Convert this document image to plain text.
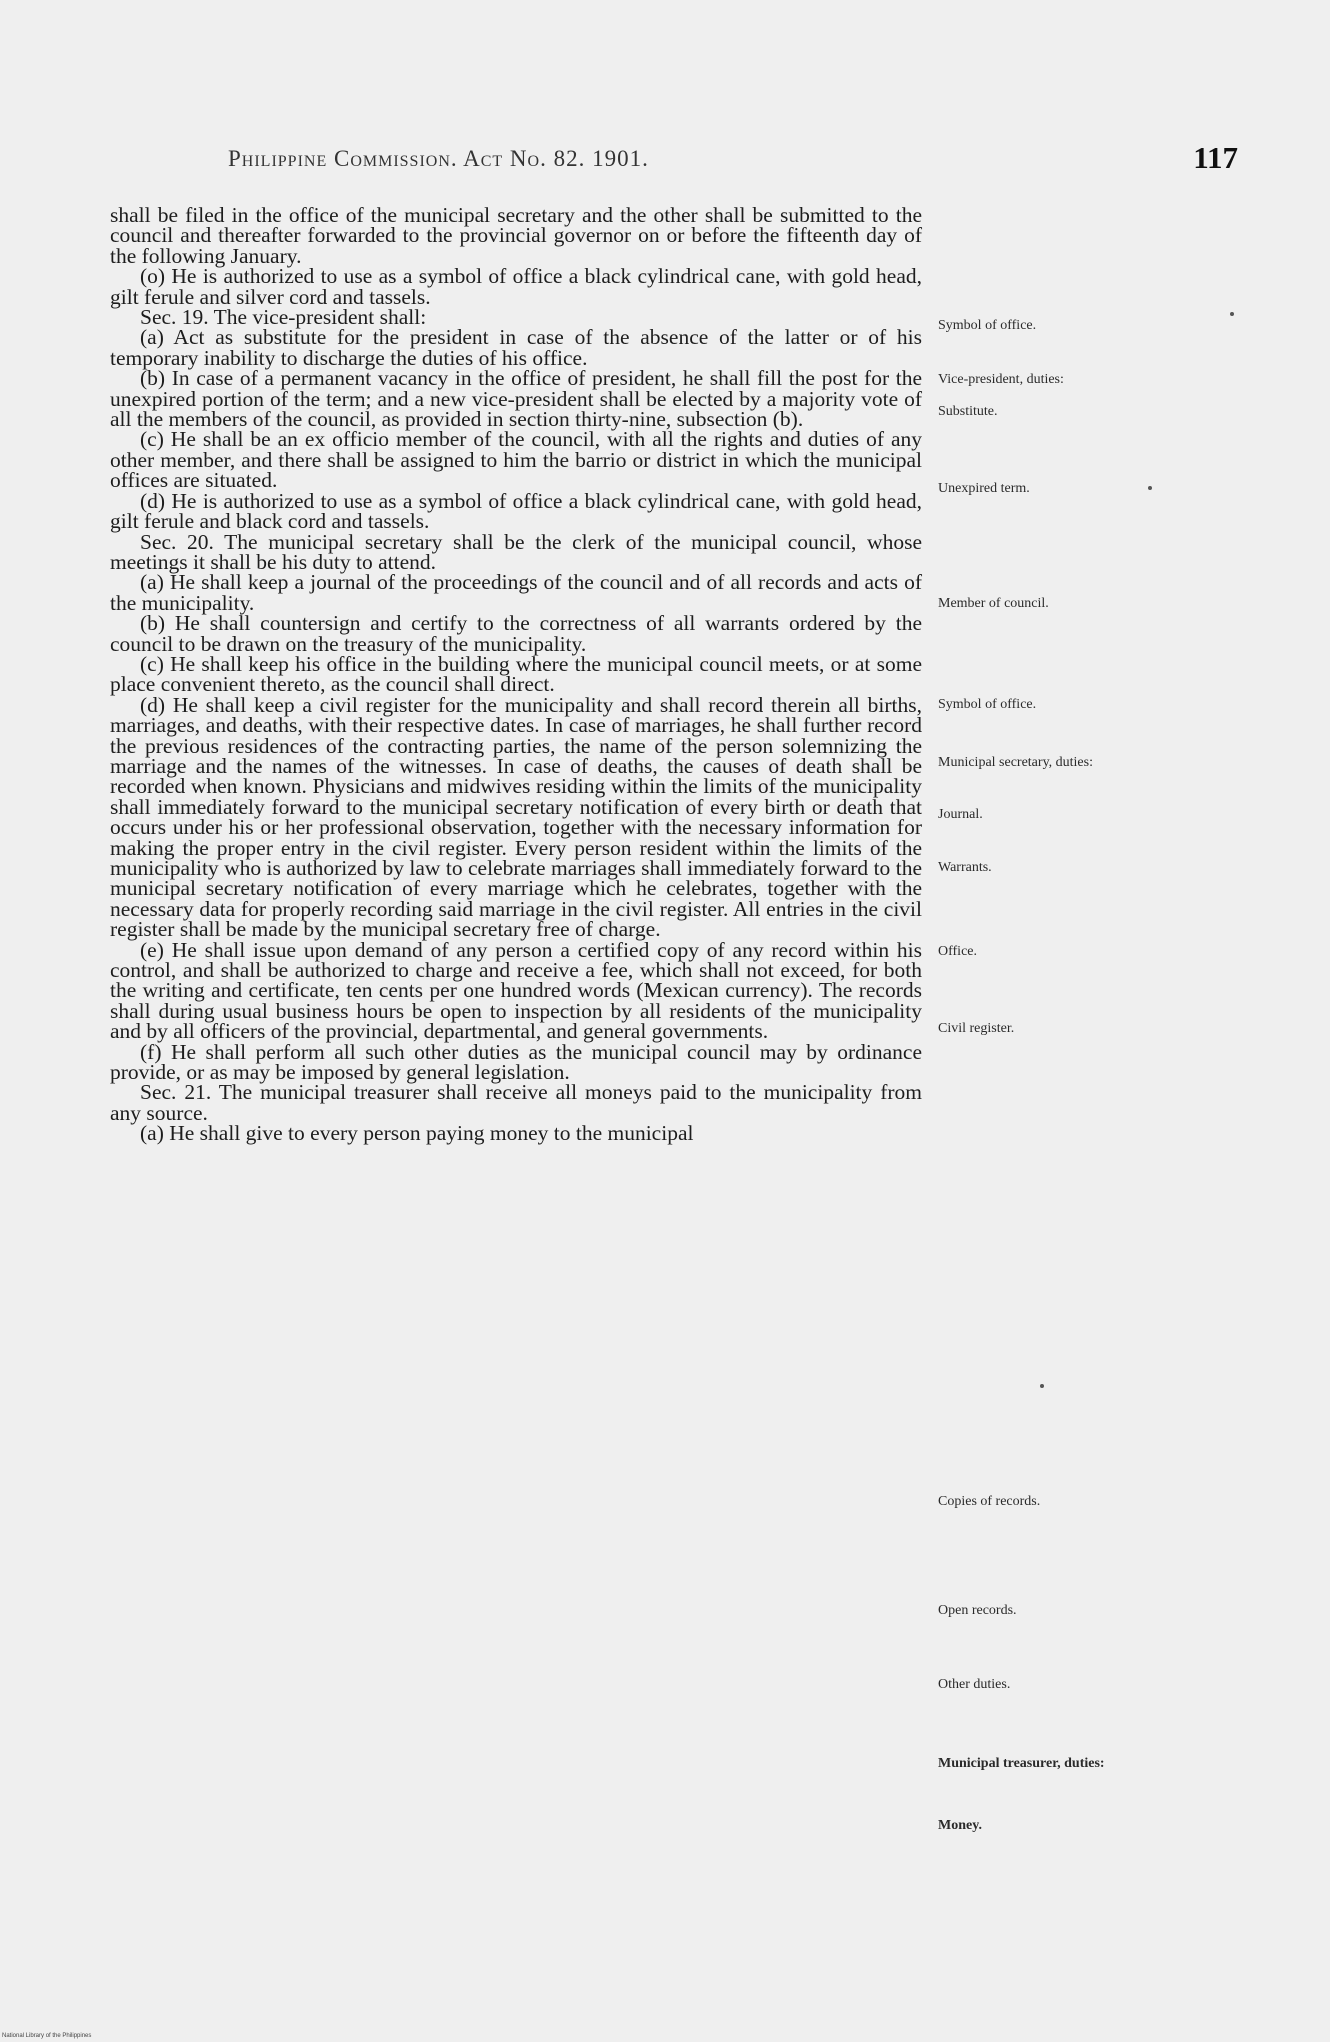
Philippine Commission. Act No. 82. 1901.	117

shall be filed in the office of the municipal secretary and the other shall be submitted to the council and thereafter forwarded to the provincial governor on or before the fifteenth day of the following January.

(o) He is authorized to use as a symbol of office a black cylindrical cane, with gold head, gilt ferule and silver cord and tassels.

Sec. 19. The vice-president shall:

(a) Act as substitute for the president in case of the absence of the latter or of his temporary inability to discharge the duties of his office.

(b) In case of a permanent vacancy in the office of president, he shall fill the post for the unexpired portion of the term; and a new vice-president shall be elected by a majority vote of all the members of the council, as provided in section thirty-nine, subsection (b).

(c) He shall be an ex officio member of the council, with all the rights and duties of any other member, and there shall be assigned to him the barrio or district in which the municipal offices are situated.

(d) He is authorized to use as a symbol of office a black cylindrical cane, with gold head, gilt ferule and black cord and tassels.

Sec. 20. The municipal secretary shall be the clerk of the municipal council, whose meetings it shall be his duty to attend.

(a) He shall keep a journal of the proceedings of the council and of all records and acts of the municipality.

(b) He shall countersign and certify to the correctness of all warrants ordered by the council to be drawn on the treasury of the municipality.

(c) He shall keep his office in the building where the municipal council meets, or at some place convenient thereto, as the council shall direct.

(d) He shall keep a civil register for the municipality and shall record therein all births, marriages, and deaths, with their respective dates. In case of marriages, he shall further record the previous residences of the contracting parties, the name of the person solemnizing the marriage and the names of the witnesses. In case of deaths, the causes of death shall be recorded when known. Physicians and midwives residing within the limits of the municipality shall immediately forward to the municipal secretary notification of every birth or death that occurs under his or her professional observation, together with the necessary information for making the proper entry in the civil register. Every person resident within the limits of the municipality who is authorized by law to celebrate marriages shall immediately forward to the municipal secretary notification of every marriage which he celebrates, together with the necessary data for properly recording said marriage in the civil register. All entries in the civil register shall be made by the municipal secretary free of charge.

(e) He shall issue upon demand of any person a certified copy of any record within his control, and shall be authorized to charge and receive a fee, which shall not exceed, for both the writing and certificate, ten cents per one hundred words (Mexican currency). The records shall during usual business hours be open to inspection by all residents of the municipality and by all officers of the provincial, departmental, and general governments.

(f) He shall perform all such other duties as the municipal council may by ordinance provide, or as may be imposed by general legislation.

Sec. 21. The municipal treasurer shall receive all moneys paid to the municipality from any source.

(a) He shall give to every person paying money to the municipal

Symbol of office.
Vice-president, duties:
Substitute.
Unexpired term.
Member of council.
Symbol of office.
Municipal secretary, duties:
Journal.
Warrants.
Office.
Civil register.
Copies of records.
Open records.
Other duties.
Municipal treasurer, duties:
Money.
National Library of the Philippines
